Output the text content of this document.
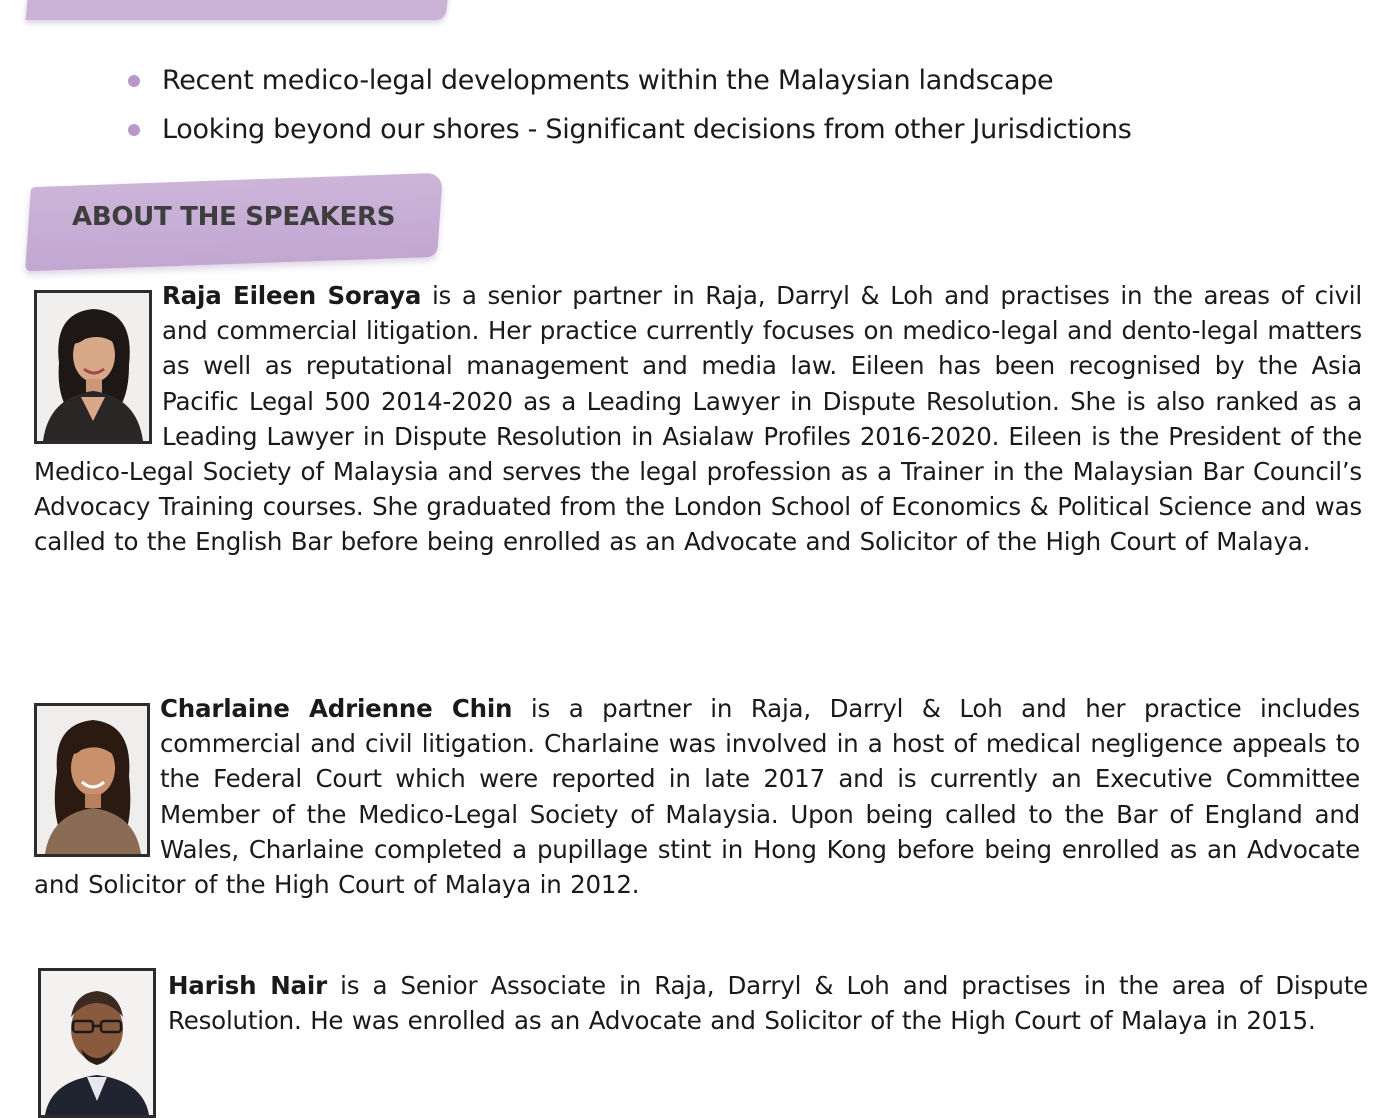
Recent medico-legal developments within the Malaysian landscape
Looking beyond our shores - Significant decisions from other Jurisdictions
ABOUT THE SPEAKERS
Raja Eileen Soraya is a senior partner in Raja, Darryl & Loh and practises in the areas of civil and commercial litigation. Her practice currently focuses on medico-legal and dento-legal matters as well as reputational management and media law. Eileen has been recognised by the Asia Pacific Legal 500 2014-2020 as a Leading Lawyer in Dispute Resolution. She is also ranked as a Leading Lawyer in Dispute Resolution in Asialaw Profiles 2016-2020. Eileen is the President of the Medico-Legal Society of Malaysia and serves the legal profession as a Trainer in the Malaysian Bar Council’s Advocacy Training courses. She graduated from the London School of Economics & Political Science and was called to the English Bar before being enrolled as an Advocate and Solicitor of the High Court of Malaya.
Charlaine Adrienne Chin is a partner in Raja, Darryl & Loh and her practice includes commercial and civil litigation. Charlaine was involved in a host of medical negligence appeals to the Federal Court which were reported in late 2017 and is currently an Executive Committee Member of the Medico-Legal Society of Malaysia. Upon being called to the Bar of England and Wales, Charlaine completed a pupillage stint in Hong Kong before being enrolled as an Advocate and Solicitor of the High Court of Malaya in 2012.
Harish Nair is a Senior Associate in Raja, Darryl & Loh and practises in the area of Dispute Resolution. He was enrolled as an Advocate and Solicitor of the High Court of Malaya in 2015.
